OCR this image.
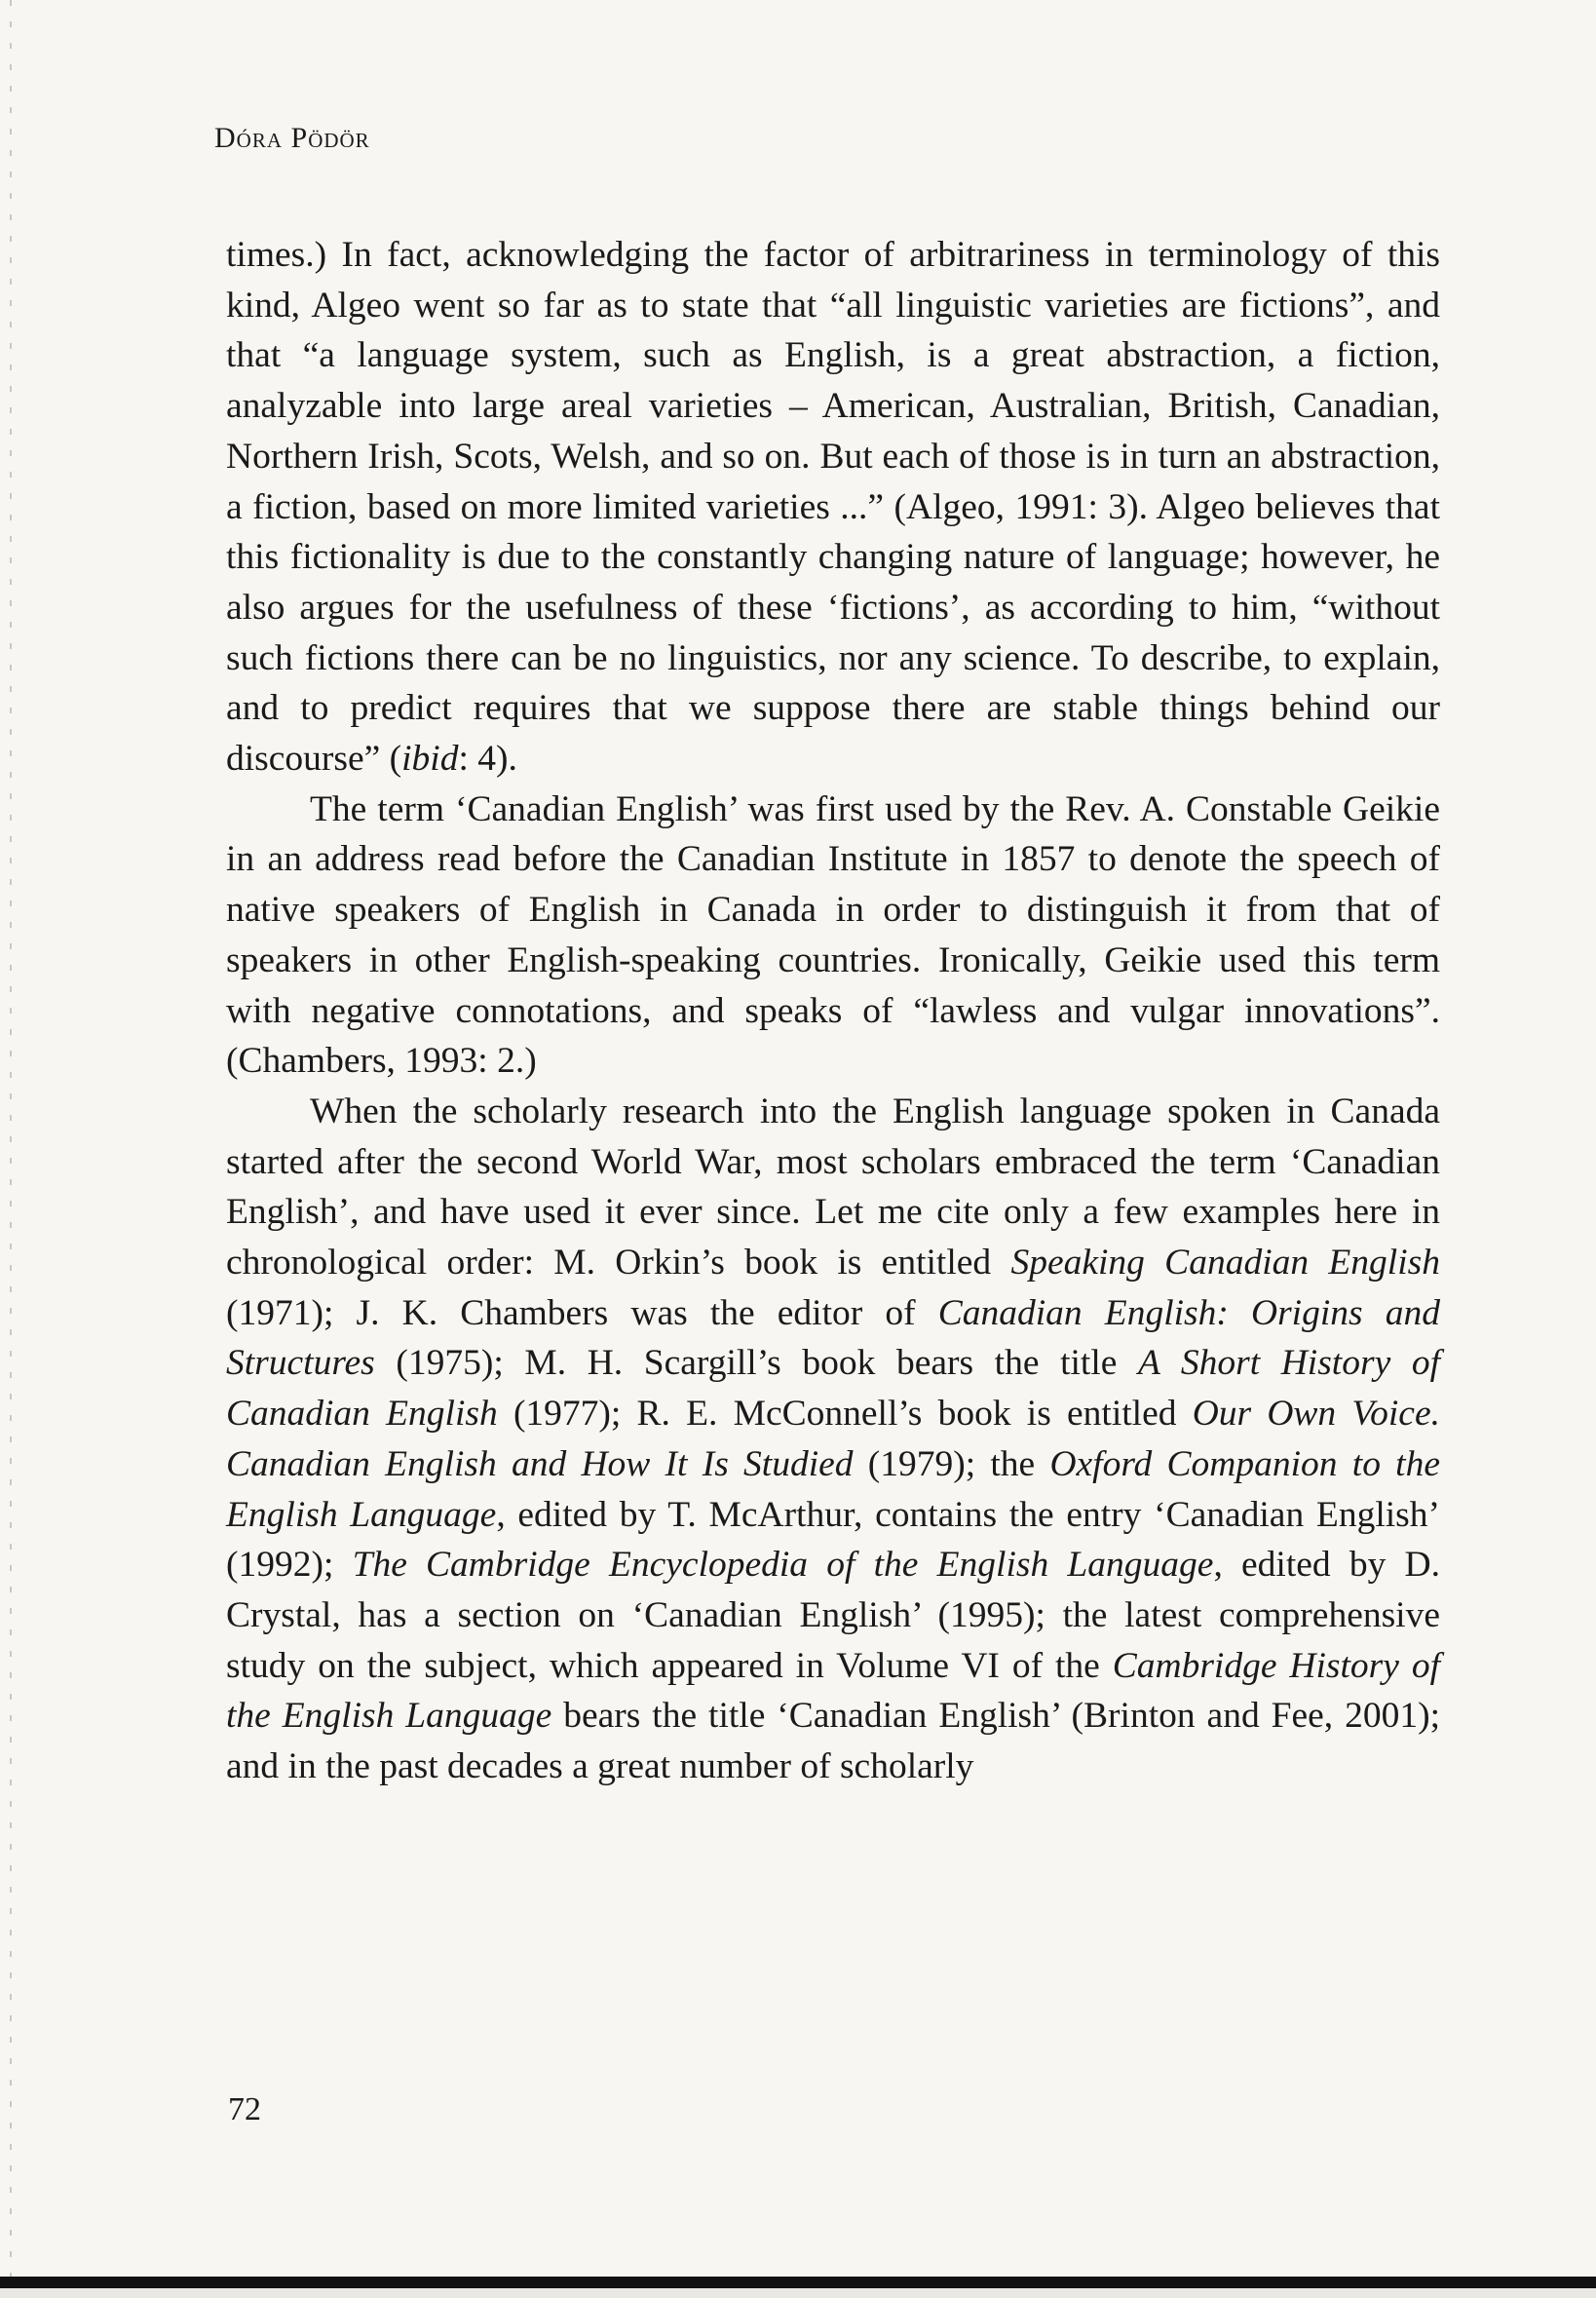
Dóra Pödör

times.) In fact, acknowledging the factor of arbitrariness in terminology of this kind, Algeo went so far as to state that “all linguistic varieties are fictions”, and that “a language system, such as English, is a great abstraction, a fiction, analyzable into large areal varieties – American, Australian, British, Canadian, Northern Irish, Scots, Welsh, and so on. But each of those is in turn an abstraction, a fiction, based on more limited varieties ...” (Algeo, 1991: 3). Algeo believes that this fictionality is due to the constantly changing nature of language; however, he also argues for the usefulness of these ‘fictions’, as according to him, “without such fictions there can be no linguistics, nor any science. To describe, to explain, and to predict requires that we suppose there are stable things behind our discourse” (ibid: 4).

The term ‘Canadian English’ was first used by the Rev. A. Constable Geikie in an address read before the Canadian Institute in 1857 to denote the speech of native speakers of English in Canada in order to distinguish it from that of speakers in other English-speaking countries. Ironically, Geikie used this term with negative connotations, and speaks of “lawless and vulgar innovations”. (Chambers, 1993: 2.)

When the scholarly research into the English language spoken in Canada started after the second World War, most scholars embraced the term ‘Canadian English’, and have used it ever since. Let me cite only a few examples here in chronological order: M. Orkin’s book is entitled Speaking Canadian English (1971); J. K. Chambers was the editor of Canadian English: Origins and Structures (1975); M. H. Scargill’s book bears the title A Short History of Canadian English (1977); R. E. McConnell’s book is entitled Our Own Voice. Canadian English and How It Is Studied (1979); the Oxford Companion to the English Language, edited by T. McArthur, contains the entry ‘Canadian English’ (1992); The Cambridge Encyclopedia of the English Language, edited by D. Crystal, has a section on ‘Canadian English’ (1995); the latest comprehensive study on the subject, which appeared in Volume VI of the Cambridge History of the English Language bears the title ‘Canadian English’ (Brinton and Fee, 2001); and in the past decades a great number of scholarly

72
